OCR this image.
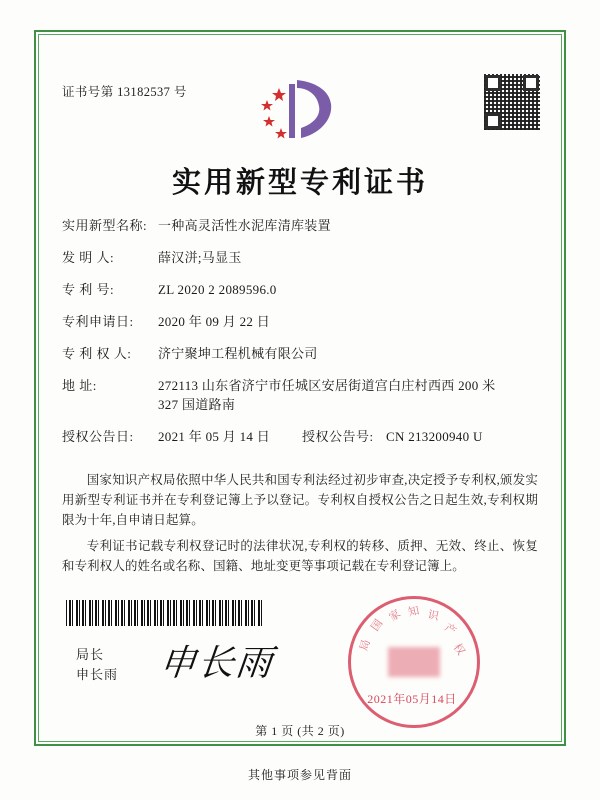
证书号第 13182537 号
实用新型专利证书
实用新型名称: 一种高灵活性水泥库清库装置
发 明 人:	薛汉洴;马显玉
专 利 号:	ZL 2020 2 2089596.0
专利申请日:	2020 年 09 月 22 日
专 利 权 人:	济宁聚坤工程机械有限公司
地 址:	272113 山东省济宁市任城区安居街道宫白庄村西西 200 米
327 国道路南
授权公告日:	2021 年 05 月 14 日	授权公告号: CN 213200940 U

国家知识产权局依照中华人民共和国专利法经过初步审查,决定授予专利权,颁发实用新型专利证书并在专利登记簿上予以登记。专利权自授权公告之日起生效,专利权期限为十年,自申请日起算。

专利证书记载专利权登记时的法律状况,专利权的转移、质押、无效、终止、恢复和专利权人的姓名或名称、国籍、地址变更等事项记载在专利登记簿上。

局长
申长雨 申长雨
国
家 知 识
产
权
局
2021年05月14日
第 1 页 (共 2 页)
其他事项参见背面
